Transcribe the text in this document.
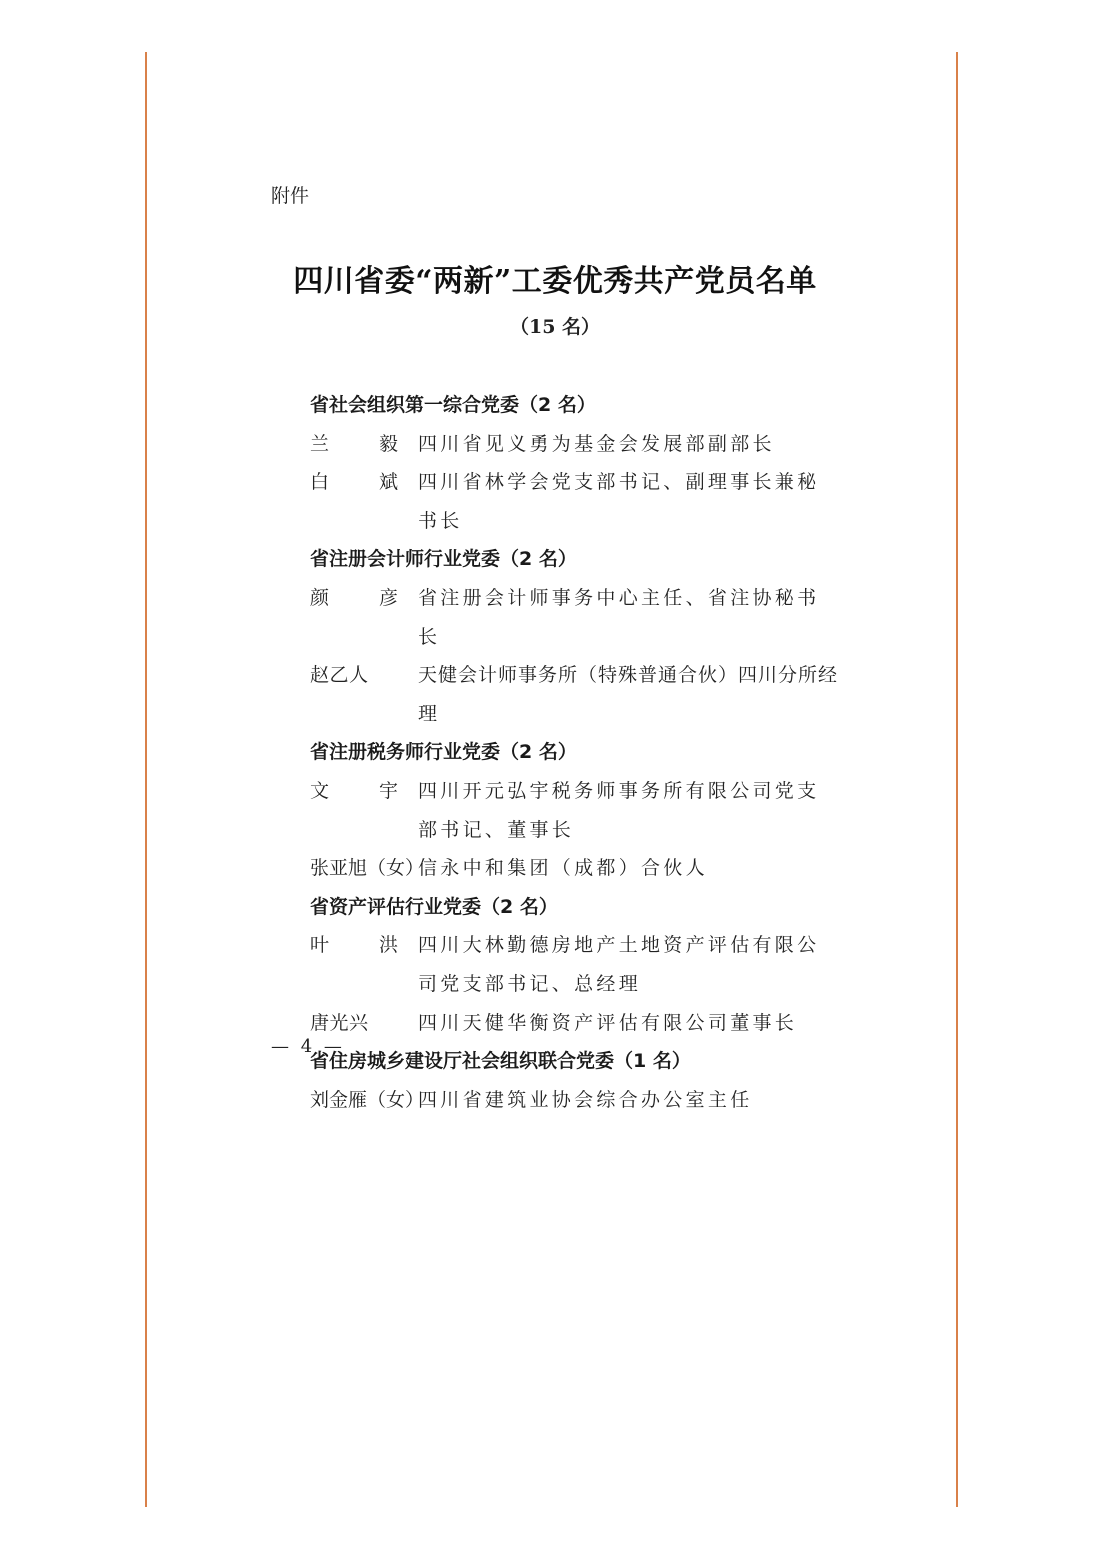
附件
四川省委“两新”工委优秀共产党员名单
（15 名）
省社会组织第一综合党委（2 名）
兰 毅
四川省见义勇为基金会发展部副部长
白 斌
四川省林学会党支部书记、副理事长兼秘书长
省注册会计师行业党委（2 名）
颜 彦
省注册会计师事务中心主任、省注协秘书长
赵乙人	天健会计师事务所（特殊普通合伙）四川分所经理
省注册税务师行业党委（2 名）
文 宇
四川开元弘宇税务师事务所有限公司党支部书记、董事长
张亚旭（女）
信永中和集团（成都）合伙人
省资产评估行业党委（2 名）
叶 洪
四川大林勤德房地产土地资产评估有限公司党支部书记、总经理
唐光兴	四川天健华衡资产评估有限公司董事长
省住房城乡建设厅社会组织联合党委（1 名）
刘金雁（女）
四川省建筑业协会综合办公室主任
— 4 —
